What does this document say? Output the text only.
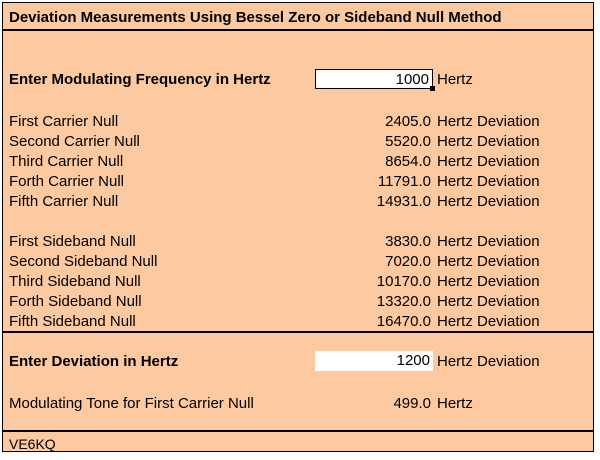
Deviation Measurements Using Bessel Zero or Sideband Null Method
Enter Modulating Frequency in Hertz	1000 Hertz
First Carrier Null	2405.0 Hertz Deviation
Second Carrier Null	5520.0 Hertz Deviation
Third Carrier Null	8654.0 Hertz Deviation
Forth Carrier Null	11791.0 Hertz Deviation
Fifth Carrier Null	14931.0 Hertz Deviation
First Sideband Null	3830.0 Hertz Deviation
Second Sideband Null	7020.0 Hertz Deviation
Third Sideband Null	10170.0 Hertz Deviation
Forth Sideband Null	13320.0 Hertz Deviation
Fifth Sideband Null	16470.0 Hertz Deviation
Enter Deviation in Hertz	1200 Hertz Deviation
Modulating Tone for First Carrier Null	499.0 Hertz
VE6KQ
